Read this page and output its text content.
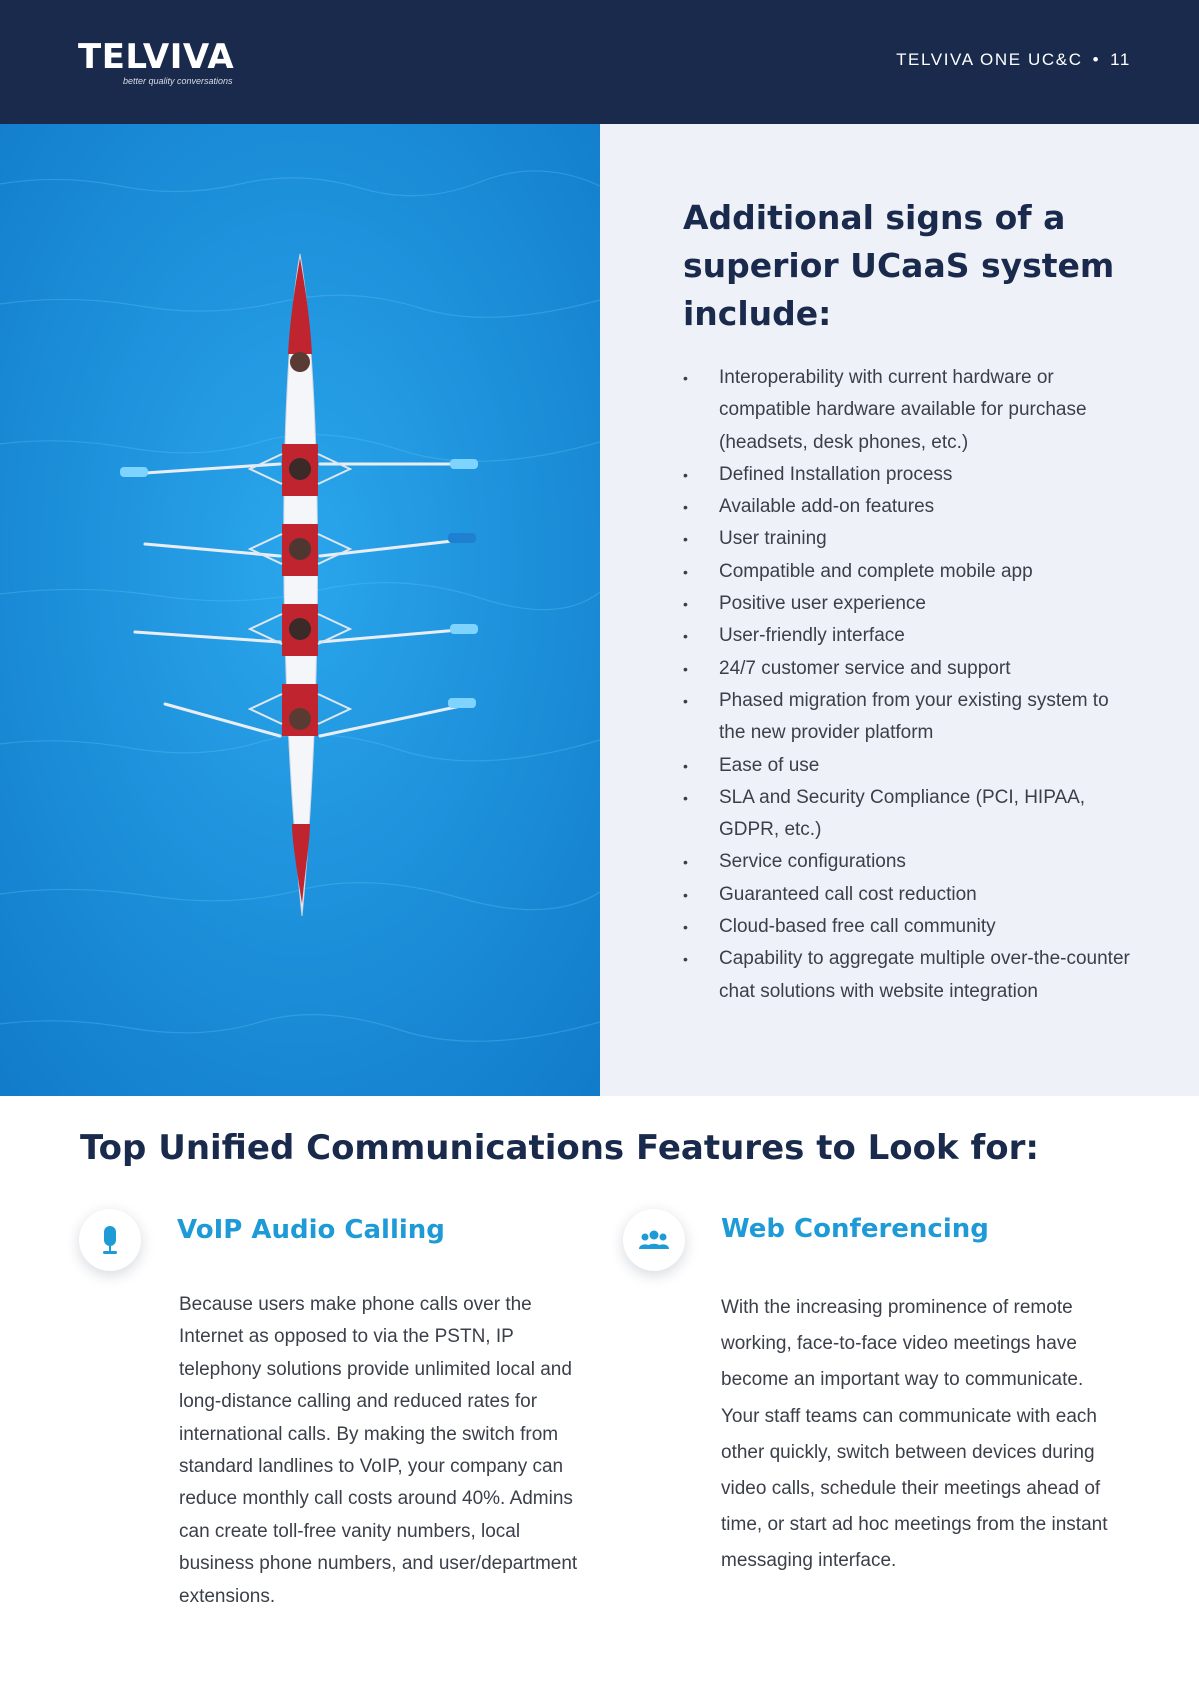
TELVIVA
better quality conversations
TELVIVA ONE UC&C • 11
Additional signs of a superior UCaaS system include:
• Interoperability with current hardware or compatible hardware available for purchase (headsets, desk phones, etc.)
• Defined Installation process
• Available add-on features
• User training
• Compatible and complete mobile app
• Positive user experience
• User-friendly interface
• 24/7 customer service and support
• Phased migration from your existing system to the new provider platform
• Ease of use
• SLA and Security Compliance (PCI, HIPAA, GDPR, etc.)
• Service configurations
• Guaranteed call cost reduction
• Cloud-based free call community
• Capability to aggregate multiple over-the-counter chat solutions with website integration
Top Unified Communications Features to Look for:
VoIP Audio Calling

Because users make phone calls over the Internet as opposed to via the PSTN, IP telephony solutions provide unlimited local and long-distance calling and reduced rates for international calls. By making the switch from standard landlines to VoIP, your company can reduce monthly call costs around 40%. Admins can create toll-free vanity numbers, local business phone numbers, and user/department extensions.

Web Conferencing

With the increasing prominence of remote working, face-to-face video meetings have become an important way to communicate. Your staff teams can communicate with each other quickly, switch between devices during video calls, schedule their meetings ahead of time, or start ad hoc meetings from the instant messaging interface.
